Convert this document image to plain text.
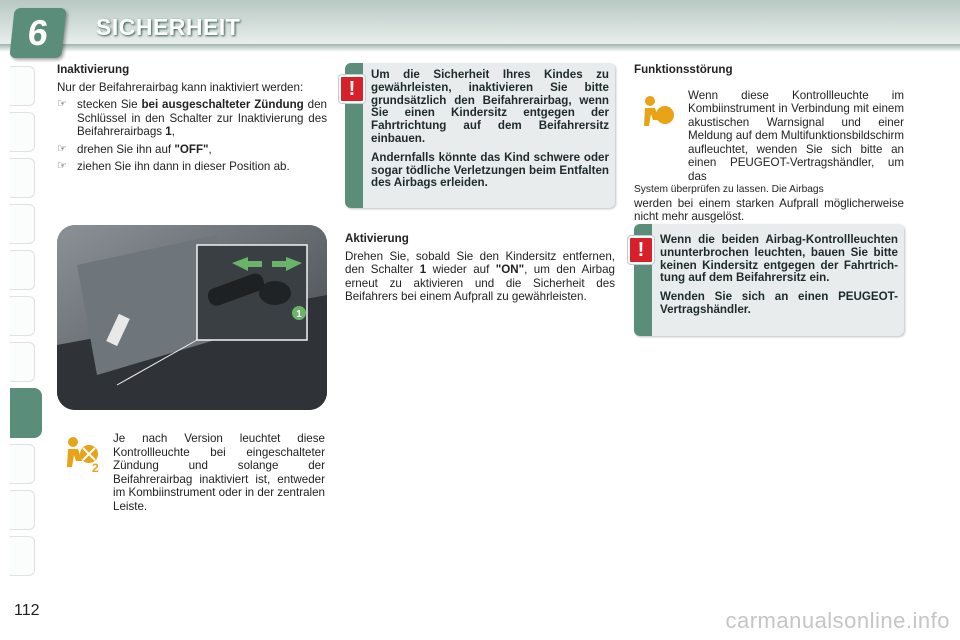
6	SICHERHEIT
Inaktivierung

Nur der Beifahrerairbag kann inaktiviert werden:

☞ stecken Sie bei ausgeschalteter Zündung den Schlüssel in den Schalter zur Inaktivierung des Beifahrerairbags 1,
☞ drehen Sie ihn auf "OFF",
☞ ziehen Sie ihn dann in dieser Position ab.
1
2
Je nach Version leuchtet diese Kontrollleuchte bei eingeschalteter Zündung und solange der Beifahrerairbag inaktiviert ist, entweder im Kombiinstrument oder in der zentralen Leiste.
!

Um die Sicherheit Ihres Kindes zu gewährleisten, inaktivieren Sie bitte grundsätzlich den Beifahrerairbag, wenn Sie einen Kindersitz entgegen der Fahrtrichtung auf dem Beifahrersitz einbauen.

Andernfalls könnte das Kind schwere oder sogar tödliche Verletzungen beim Entfalten des Airbags erleiden.

Aktivierung

Drehen Sie, sobald Sie den Kindersitz entfernen, den Schalter 1 wieder auf "ON", um den Airbag erneut zu aktivieren und die Sicherheit des Beifahrers bei einem Aufprall zu gewährleisten.

Funktionsstörung

Wenn diese Kontrollleuchte im Kombiinstrument in Verbindung mit einem akustischen Warnsignal und einer Meldung auf dem Multifunktionsbildschirm aufleuchtet, wenden Sie sich bitte an einen PEUGEOT-Vertragshändler, um das

System überprüfen zu lassen. Die Airbags

werden bei einem starken Aufprall möglicherweise nicht mehr ausgelöst.

!	Wenn die beiden Airbag-Kontrollleuchten ununterbrochen leuchten, bauen Sie bitte keinen Kindersitz entgegen der Fahrtrichtung auf dem Beifahrersitz ein.

Wenden Sie sich an einen PEUGEOT-Vertragshändler.

112	carmanualsonline.info
